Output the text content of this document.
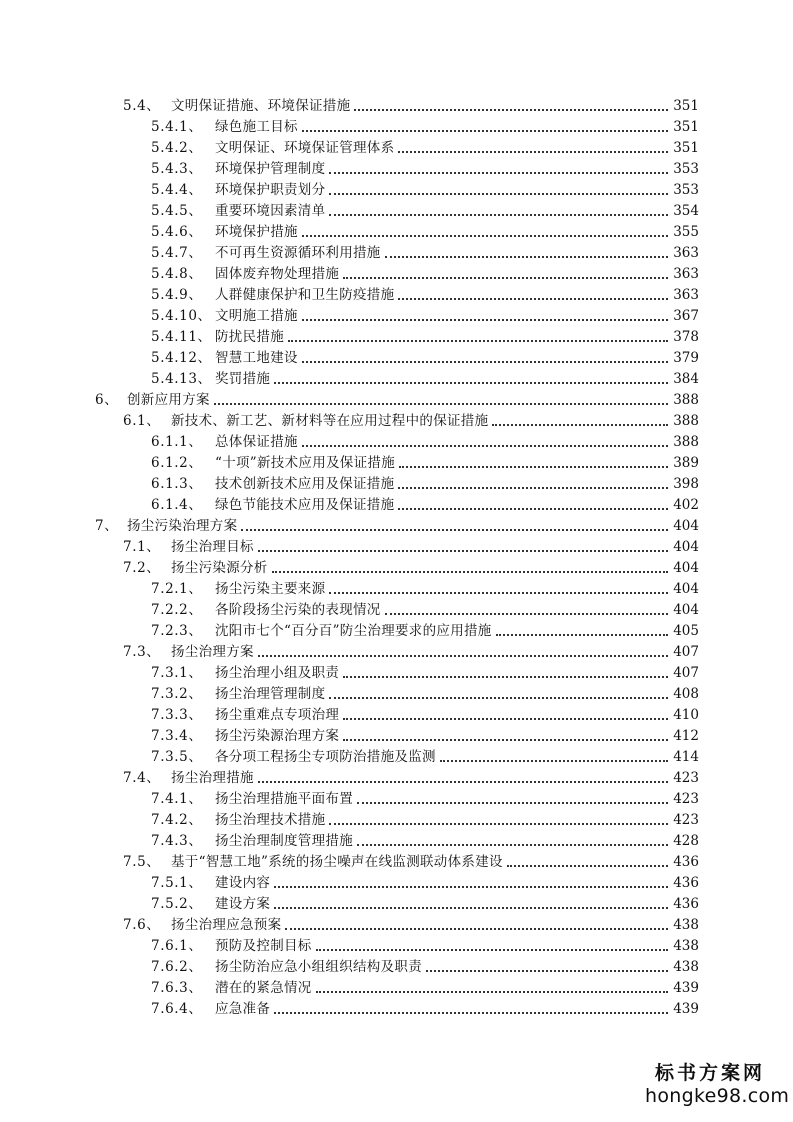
5.4、 文明保证措施、环境保证措施	351
5.4.1、 绿色施工目标	351
5.4.2、 文明保证、环境保证管理体系	351
5.4.3、 环境保护管理制度	353
5.4.4、 环境保护职责划分	353
5.4.5、 重要环境因素清单	354
5.4.6、 环境保护措施	355
5.4.7、 不可再生资源循环利用措施	363
5.4.8、 固体废弃物处理措施	363
5.4.9、 人群健康保护和卫生防疫措施	363
5.4.10、 文明施工措施	367
5.4.11、 防扰民措施	378
5.4.12、 智慧工地建设	379
5.4.13、 奖罚措施	384
6、 创新应用方案	388
6.1、 新技术、新工艺、新材料等在应用过程中的保证措施	388
6.1.1、 总体保证措施	388
6.1.2、 “十项”新技术应用及保证措施	389
6.1.3、 技术创新技术应用及保证措施	398
6.1.4、 绿色节能技术应用及保证措施	402
7、 扬尘污染治理方案	404
7.1、 扬尘治理目标	404
7.2、 扬尘污染源分析	404
7.2.1、 扬尘污染主要来源	404
7.2.2、 各阶段扬尘污染的表现情况	404
7.2.3、 沈阳市七个“百分百”防尘治理要求的应用措施	405
7.3、 扬尘治理方案	407
7.3.1、 扬尘治理小组及职责	407
7.3.2、 扬尘治理管理制度	408
7.3.3、 扬尘重难点专项治理	410
7.3.4、 扬尘污染源治理方案	412
7.3.5、 各分项工程扬尘专项防治措施及监测	414
7.4、 扬尘治理措施	423
7.4.1、 扬尘治理措施平面布置	423
7.4.2、 扬尘治理技术措施	423
7.4.3、 扬尘治理制度管理措施	428
7.5、 基于“智慧工地”系统的扬尘噪声在线监测联动体系建设	436
7.5.1、 建设内容	436
7.5.2、 建设方案	436
7.6、 扬尘治理应急预案	438
7.6.1、 预防及控制目标	438
7.6.2、 扬尘防治应急小组组织结构及职责	438
7.6.3、 潜在的紧急情况	439
7.6.4、 应急准备	439
标书方案网
hongke98.com
